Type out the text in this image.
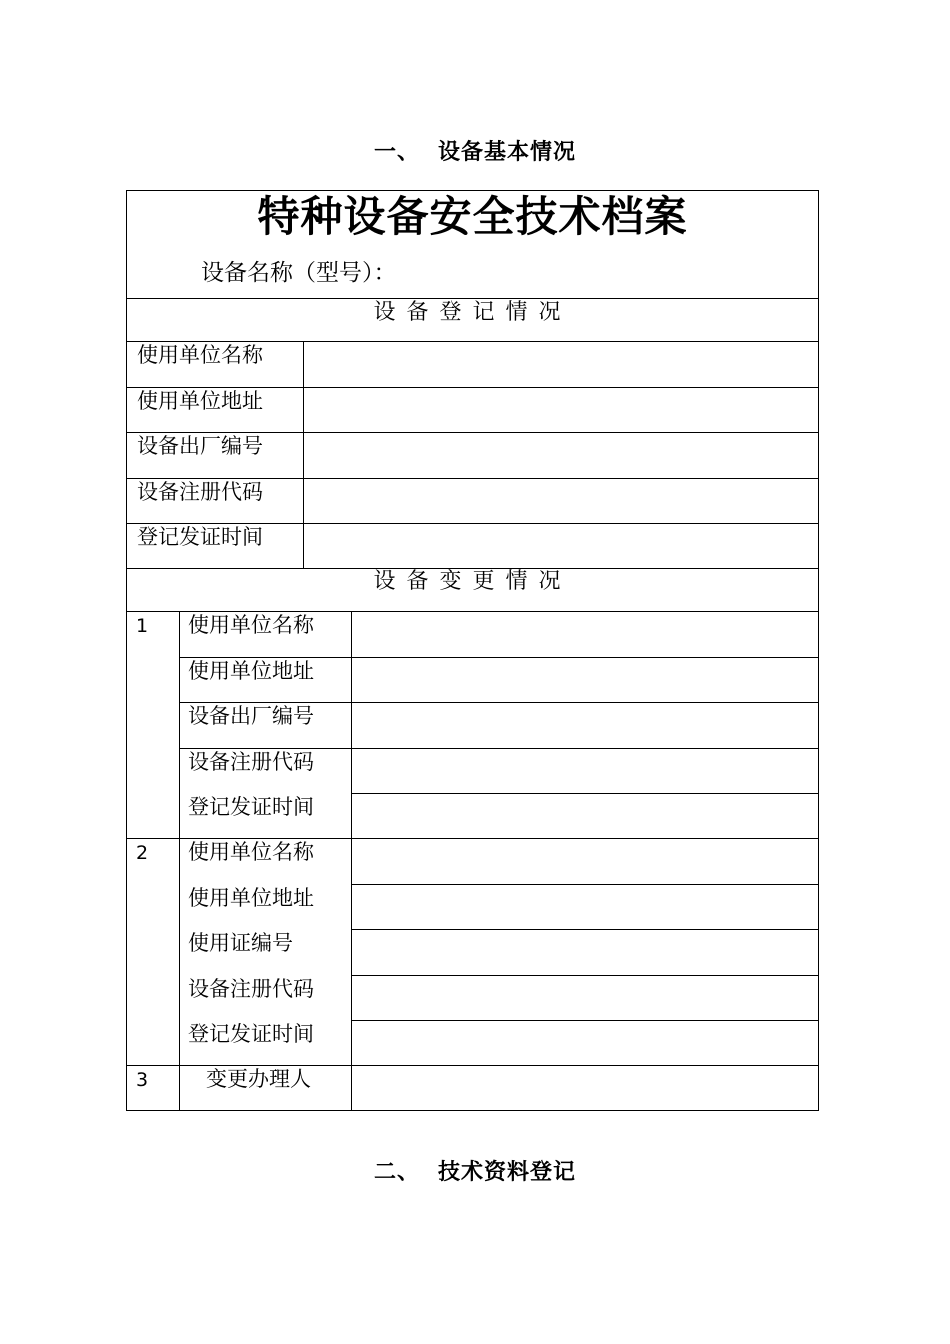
一、 设备基本情况
特种设备安全技术档案
设备名称（型号）：
设备登记情况
使用单位名称
使用单位地址
设备出厂编号
设备注册代码
登记发证时间
设备变更情况
1 使用单位名称
使用单位地址
设备出厂编号
设备注册代码
登记发证时间
2 使用单位名称
使用单位地址
使用证编号
设备注册代码
登记发证时间
3	变更办理人
二、 技术资料登记
